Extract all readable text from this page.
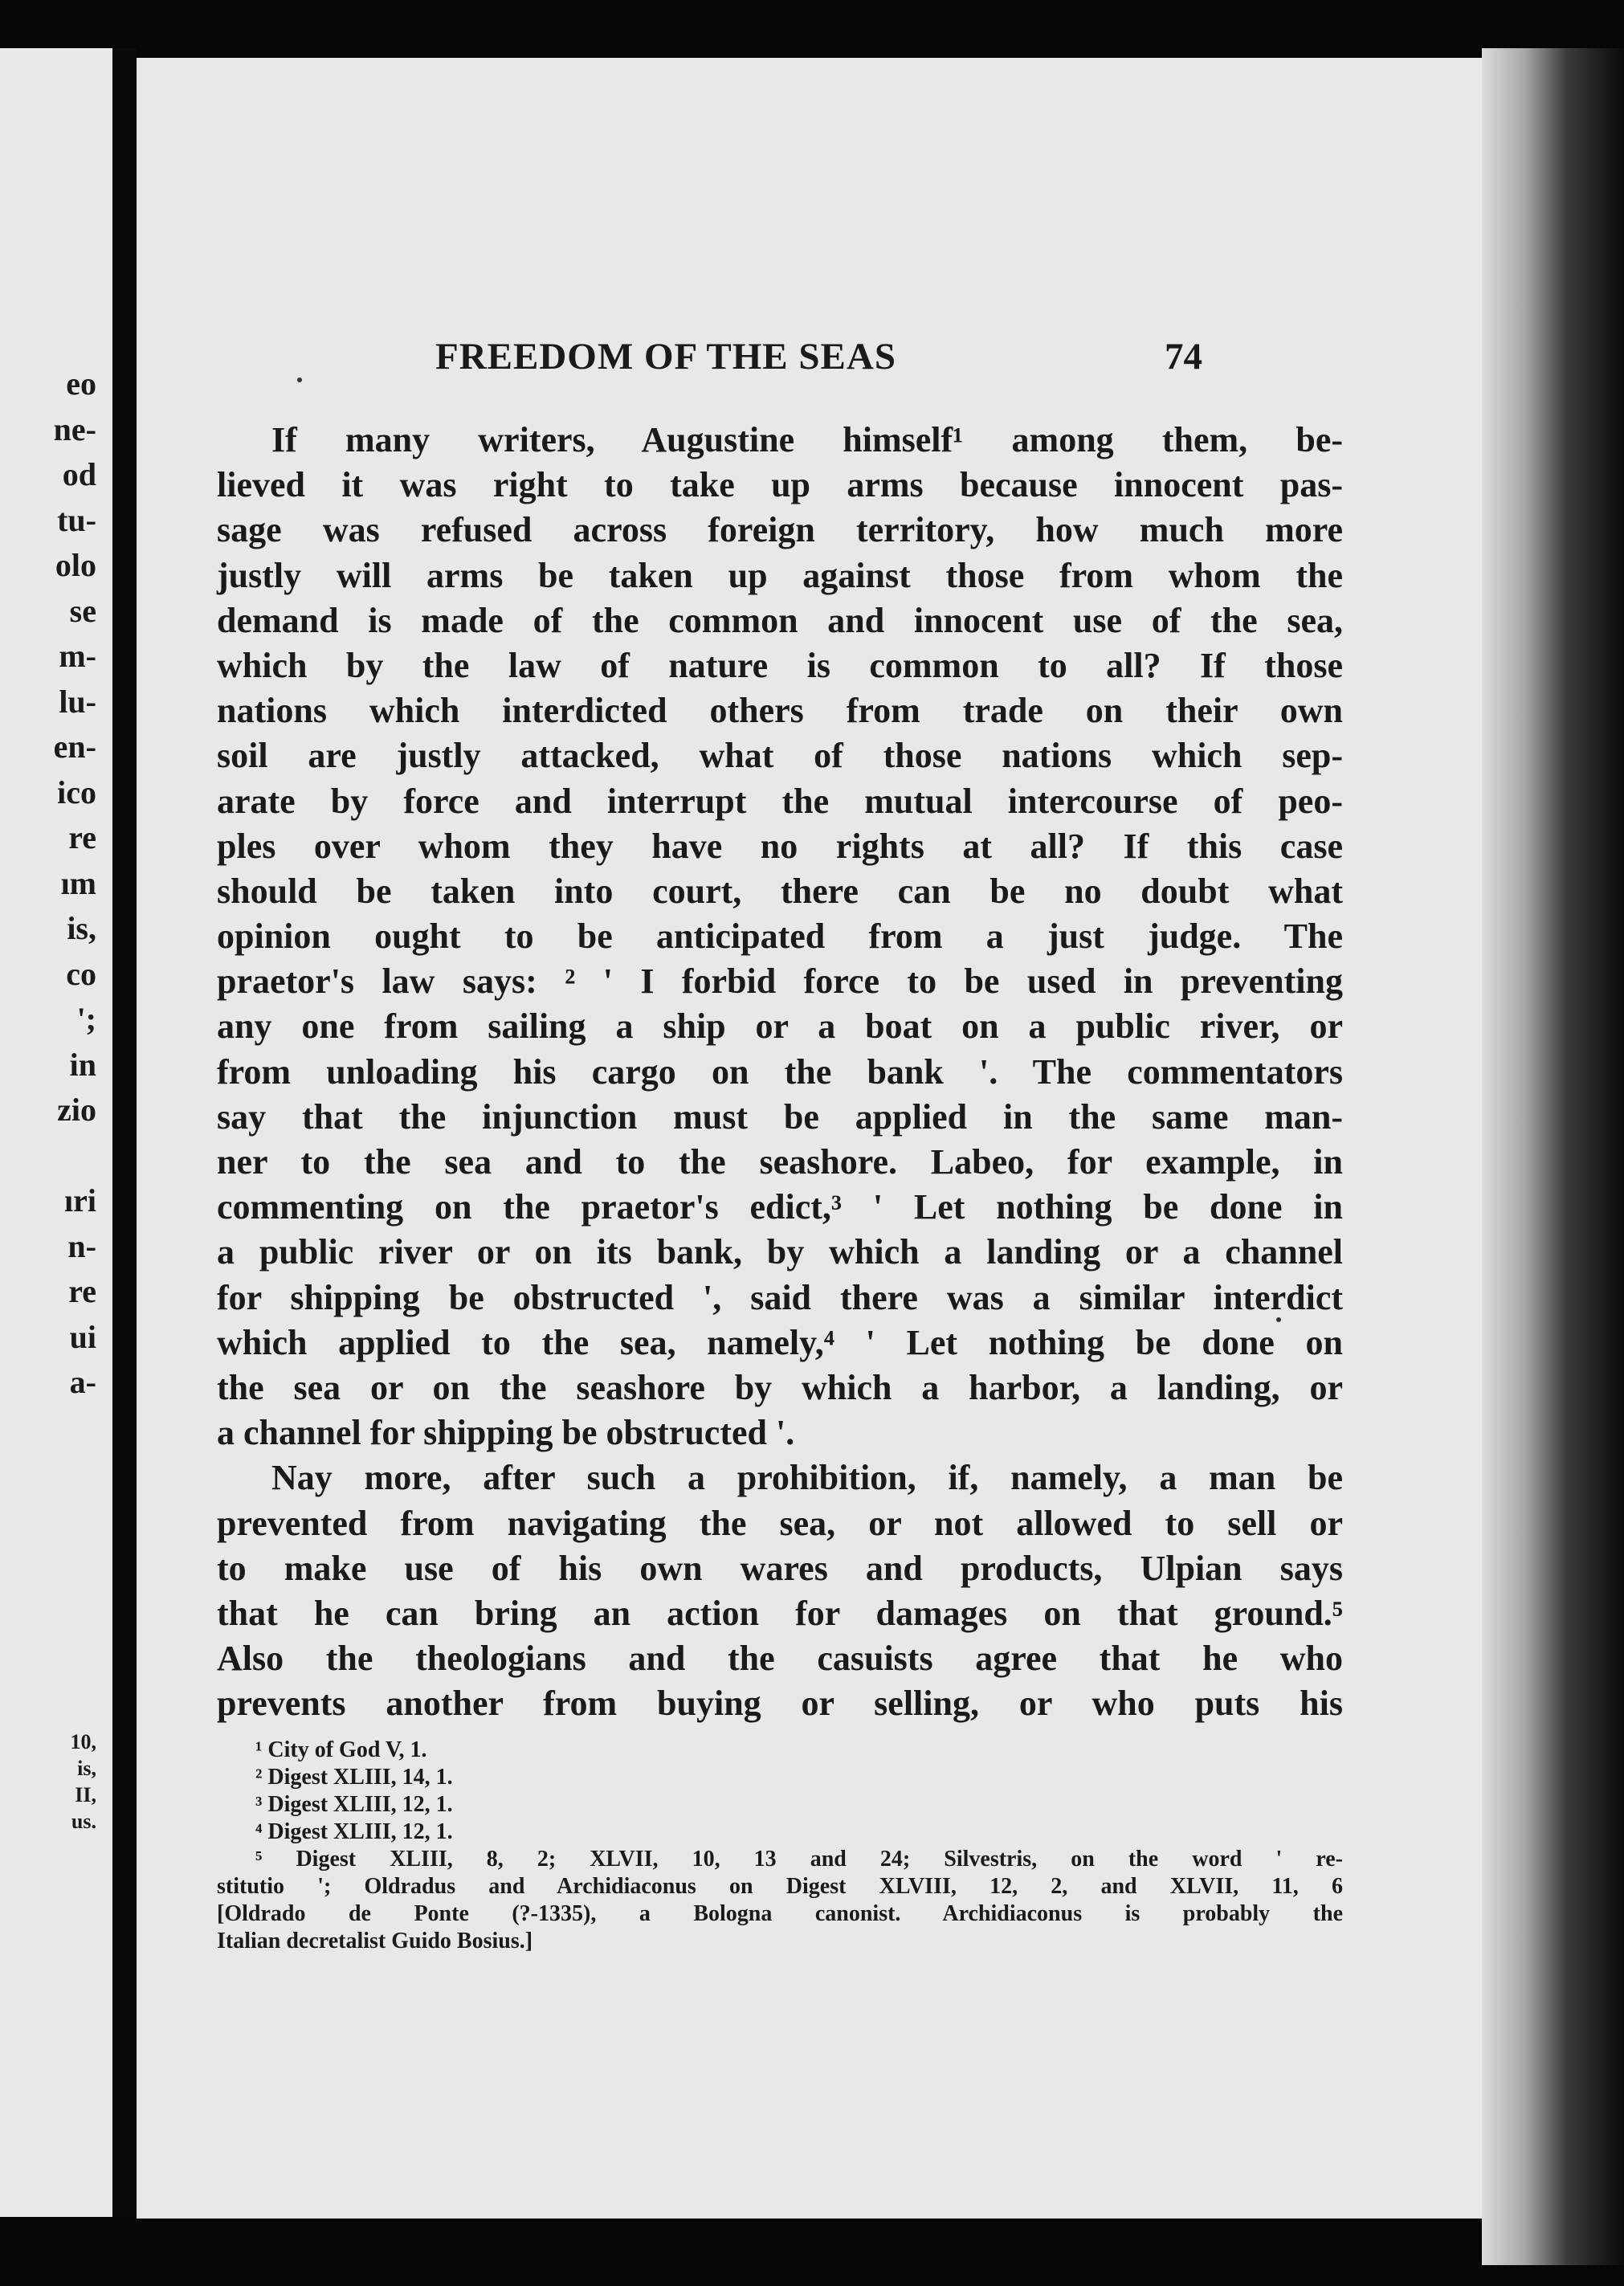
eo
ne-
od
tu-
olo
se
m-
lu-
en-
ico
re
ım
is,
co
';
in
zio
ıri
n-
re
ui
a-
10,
is,
II,
us.
FREEDOM OF THE SEAS	74
If many writers, Augustine himself¹ among them, be-
lieved it was right to take up arms because innocent pas-
sage was refused across foreign territory, how much more
justly will arms be taken up against those from whom the
demand is made of the common and innocent use of the sea,
which by the law of nature is common to all? If those
nations which interdicted others from trade on their own
soil are justly attacked, what of those nations which sep-
arate by force and interrupt the mutual intercourse of peo-
ples over whom they have no rights at all? If this case
should be taken into court, there can be no doubt what
opinion ought to be anticipated from a just judge. The
praetor's law says: ² ' I forbid force to be used in preventing
any one from sailing a ship or a boat on a public river, or
from unloading his cargo on the bank '. The commentators
say that the injunction must be applied in the same man-
ner to the sea and to the seashore. Labeo, for example, in
commenting on the praetor's edict,³ ' Let nothing be done in
a public river or on its bank, by which a landing or a channel
for shipping be obstructed ', said there was a similar interdict
which applied to the sea, namely,⁴ ' Let nothing be done on
the sea or on the seashore by which a harbor, a landing, or
a channel for shipping be obstructed '.
Nay more, after such a prohibition, if, namely, a man be
prevented from navigating the sea, or not allowed to sell or
to make use of his own wares and products, Ulpian says
that he can bring an action for damages on that ground.⁵
Also the theologians and the casuists agree that he who
prevents another from buying or selling, or who puts his
¹ City of God V, 1.
² Digest XLIII, 14, 1.
³ Digest XLIII, 12, 1.
⁴ Digest XLIII, 12, 1.
⁵ Digest XLIII, 8, 2; XLVII, 10, 13 and 24; Silvestris, on the word ' re-
stitutio '; Oldradus and Archidiaconus on Digest XLVIII, 12, 2, and XLVII, 11, 6
[Oldrado de Ponte (?-1335), a Bologna canonist. Archidiaconus is probably the
Italian decretalist Guido Bosius.]
